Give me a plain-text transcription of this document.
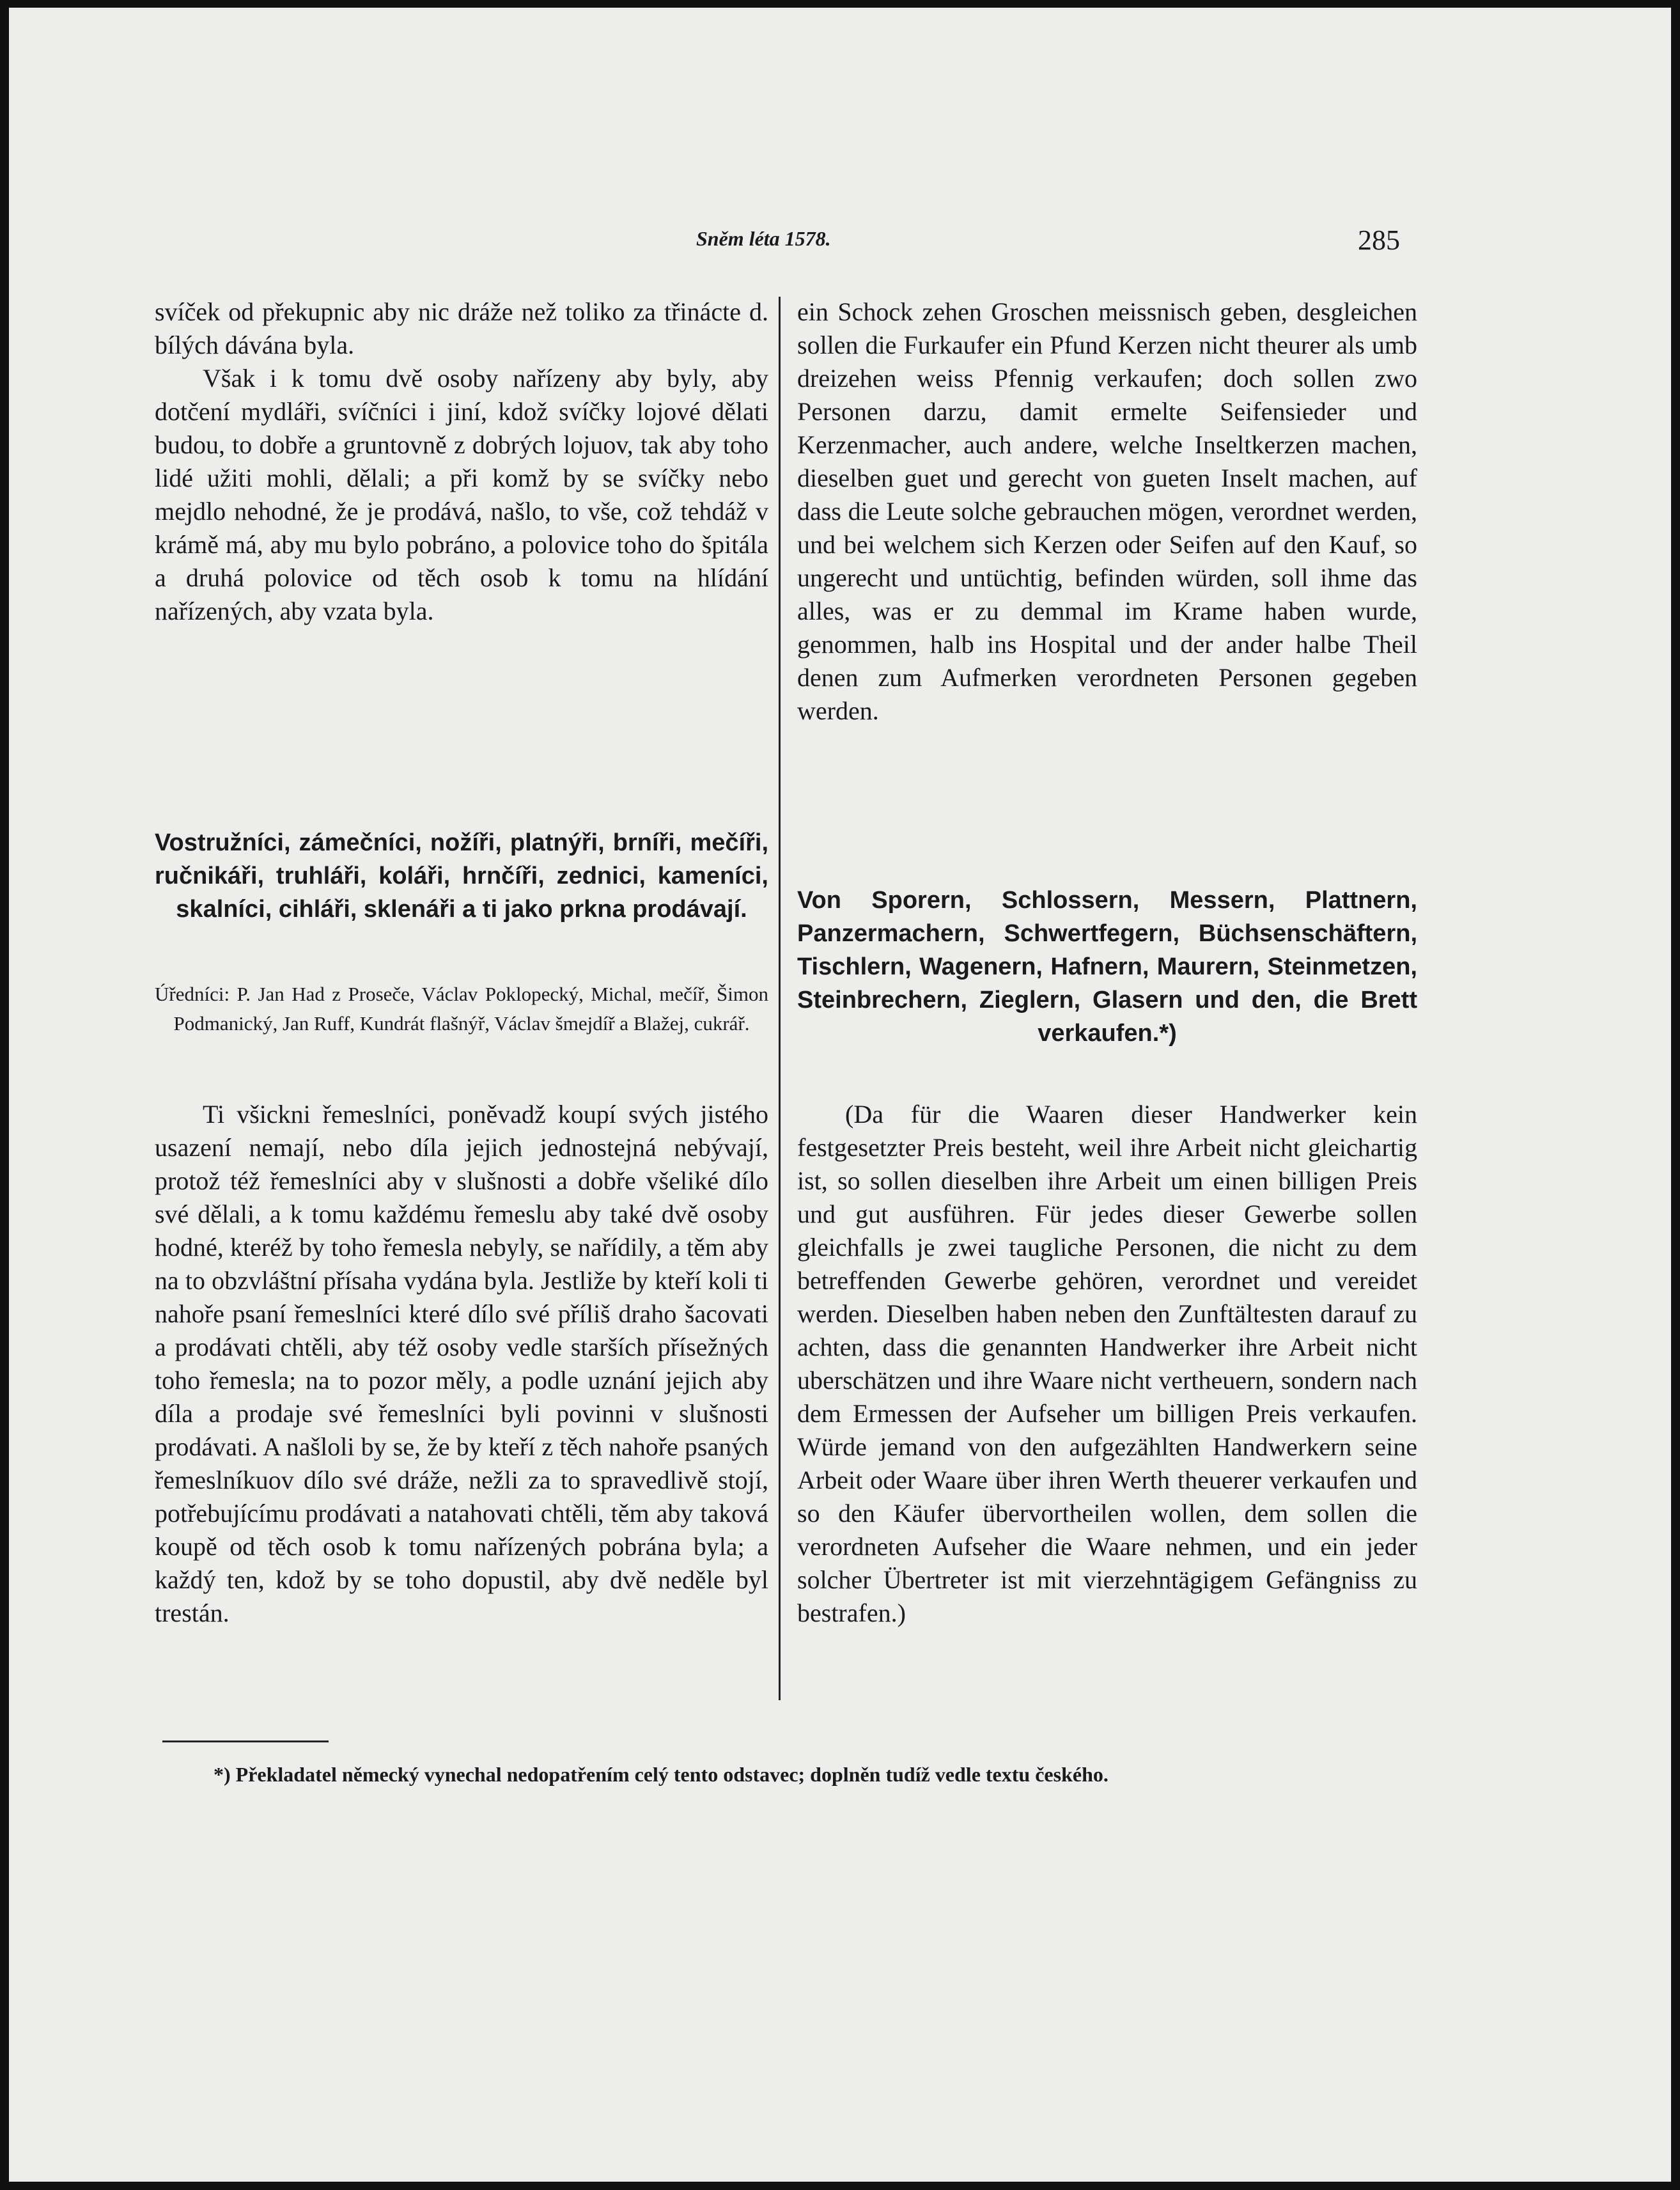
Sněm léta 1578.	285

svíček od překupnic aby nic dráže než toliko za třinácte d. bílých dávána byla.

Však i k tomu dvě osoby nařízeny aby byly, aby dotčení mydláři, svíčníci i jiní, kdož svíčky lojové dělati budou, to dobře a gruntovně z dobrých lojuov, tak aby toho lidé užiti mohli, dělali; a při komž by se svíčky nebo mejdlo nehodné, že je prodává, našlo, to vše, což tehdáž v krámě má, aby mu bylo pobráno, a polovice toho do špitála a druhá polovice od těch osob k tomu na hlídání nařízených, aby vzata byla.

Vostružníci, zámečníci, nožíři, platnýři, brníři, mečíři, ručnikáři, truhláři, koláři, hrnčíři, zednici, kameníci, skalníci, cihláři, sklenáři a ti jako prkna prodávají.

Úředníci: P. Jan Had z Proseče, Václav Poklopecký, Michal, mečíř, Šimon Podmanický, Jan Ruff, Kundrát flašnýř, Václav šmejdíř a Blažej, cukrář.

Ti všickni řemeslníci, poněvadž koupí svých jistého usazení nemají, nebo díla jejich jednostejná nebývají, protož též řemeslníci aby v slušnosti a dobře všeliké dílo své dělali, a k tomu každému řemeslu aby také dvě osoby hodné, kteréž by toho řemesla nebyly, se nařídily, a těm aby na to obzvláštní přísaha vydána byla. Jestliže by kteří koli ti nahoře psaní řemeslníci které dílo své příliš draho šacovati a prodávati chtěli, aby též osoby vedle starších přísežných toho řemesla; na to pozor měly, a podle uznání jejich aby díla a prodaje své řemeslníci byli povinni v slušnosti prodávati. A našloli by se, že by kteří z těch nahoře psaných řemeslníkuov dílo své dráže, nežli za to spravedlivě stojí, potřebujícímu prodávati a natahovati chtěli, těm aby taková koupě od těch osob k tomu nařízených pobrána byla; a každý ten, kdož by se toho dopustil, aby dvě neděle byl trestán.

ein Schock zehen Groschen meissnisch geben, desgleichen sollen die Furkaufer ein Pfund Kerzen nicht theurer als umb dreizehen weiss Pfennig verkaufen; doch sollen zwo Personen darzu, damit ermelte Seifensieder und Kerzenmacher, auch andere, welche Inseltkerzen machen, dieselben guet und gerecht von gueten Inselt machen, auf dass die Leute solche gebrauchen mögen, verordnet werden, und bei welchem sich Kerzen oder Seifen auf den Kauf, so ungerecht und untüchtig, befinden würden, soll ihme das alles, was er zu demmal im Krame haben wurde, genommen, halb ins Hospital und der ander halbe Theil denen zum Aufmerken verordneten Personen gegeben werden.

Von Sporern, Schlossern, Messern, Plattnern, Panzermachern, Schwertfegern, Büchsenschäftern, Tischlern, Wagenern, Hafnern, Maurern, Steinmetzen, Steinbrechern, Zieglern, Glasern und den, die Brett verkaufen.*)

(Da für die Waaren dieser Handwerker kein festgesetzter Preis besteht, weil ihre Arbeit nicht gleichartig ist, so sollen dieselben ihre Arbeit um einen billigen Preis und gut ausführen. Für jedes dieser Gewerbe sollen gleichfalls je zwei taugliche Personen, die nicht zu dem betreffenden Gewerbe gehören, verordnet und vereidet werden. Dieselben haben neben den Zunftältesten darauf zu achten, dass die genannten Handwerker ihre Arbeit nicht uberschätzen und ihre Waare nicht vertheuern, sondern nach dem Ermessen der Aufseher um billigen Preis verkaufen. Würde jemand von den aufgezählten Handwerkern seine Arbeit oder Waare über ihren Werth theuerer verkaufen und so den Käufer übervortheilen wollen, dem sollen die verordneten Aufseher die Waare nehmen, und ein jeder solcher Übertreter ist mit vierzehntägigem Gefängniss zu bestrafen.)

*) Překladatel německý vynechal nedopatřením celý tento odstavec; doplněn tudíž vedle textu českého.
